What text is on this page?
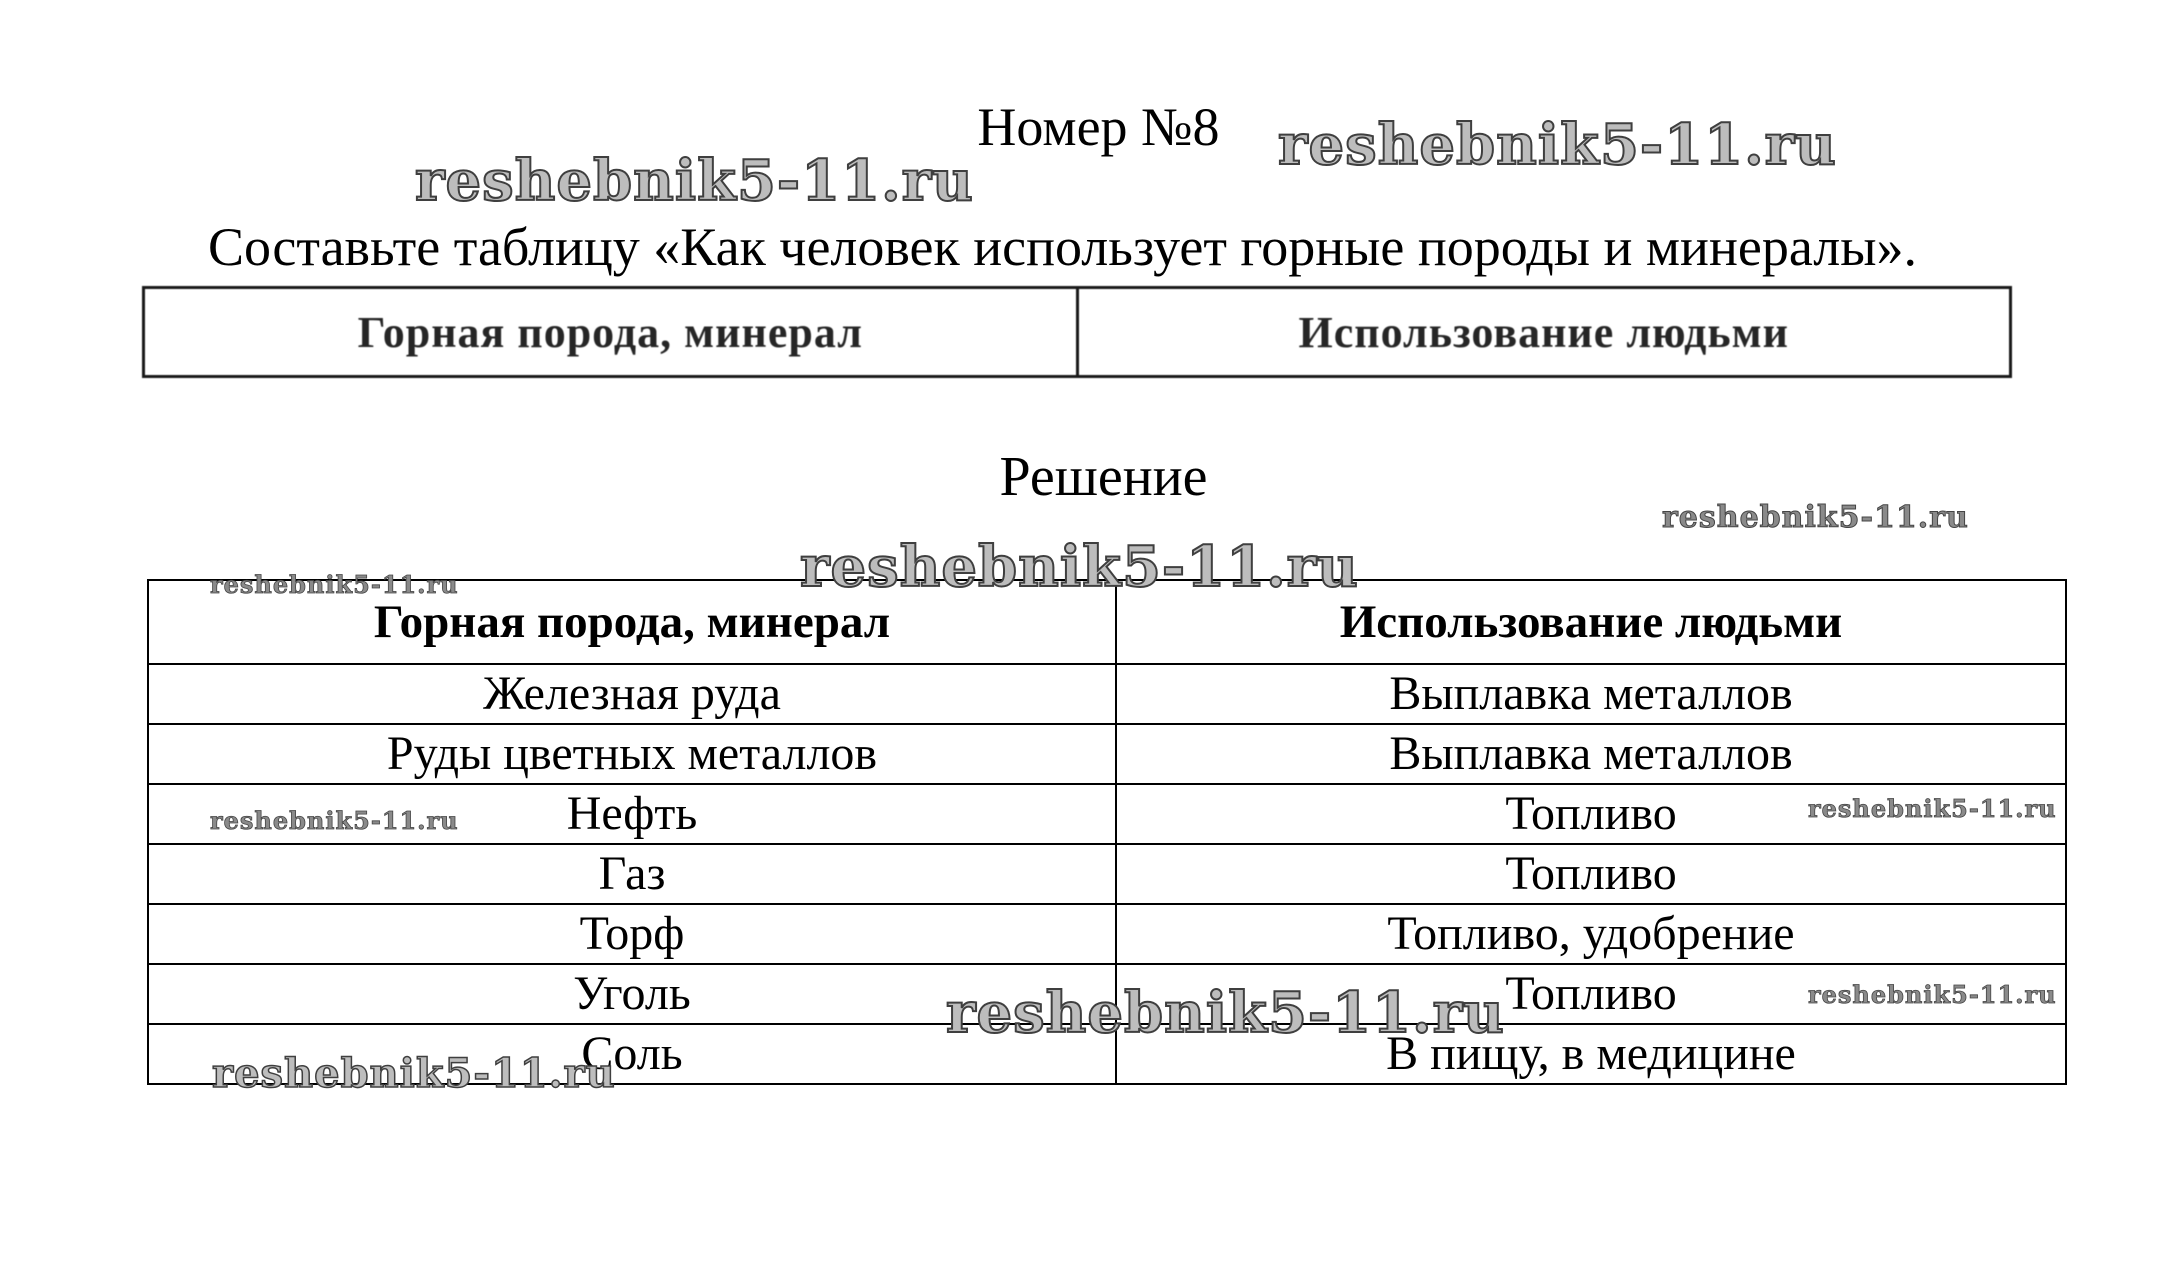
Номер №8
Составьте таблицу «Как человек использует горные породы и минералы».
Горная порода, минерал	Использование людьми
Решение
Горная порода, минерал	Использование людьми
Железная руда	Выплавка металлов
Руды цветных металлов	Выплавка металлов
Нефть	Топливо
Газ	Топливо
Торф	Топливо, удобрение
Уголь	Топливо
Соль	В пищу, в медицине
reshebnik5-11.ru
reshebnik5-11.ru
reshebnik5-11.ru
reshebnik5-11.ru
reshebnik5-11.ru
reshebnik5-11.ru	reshebnik5-11.ru
reshebnik5-11.ru
reshebnik5-11.ru
reshebnik5-11.ru
